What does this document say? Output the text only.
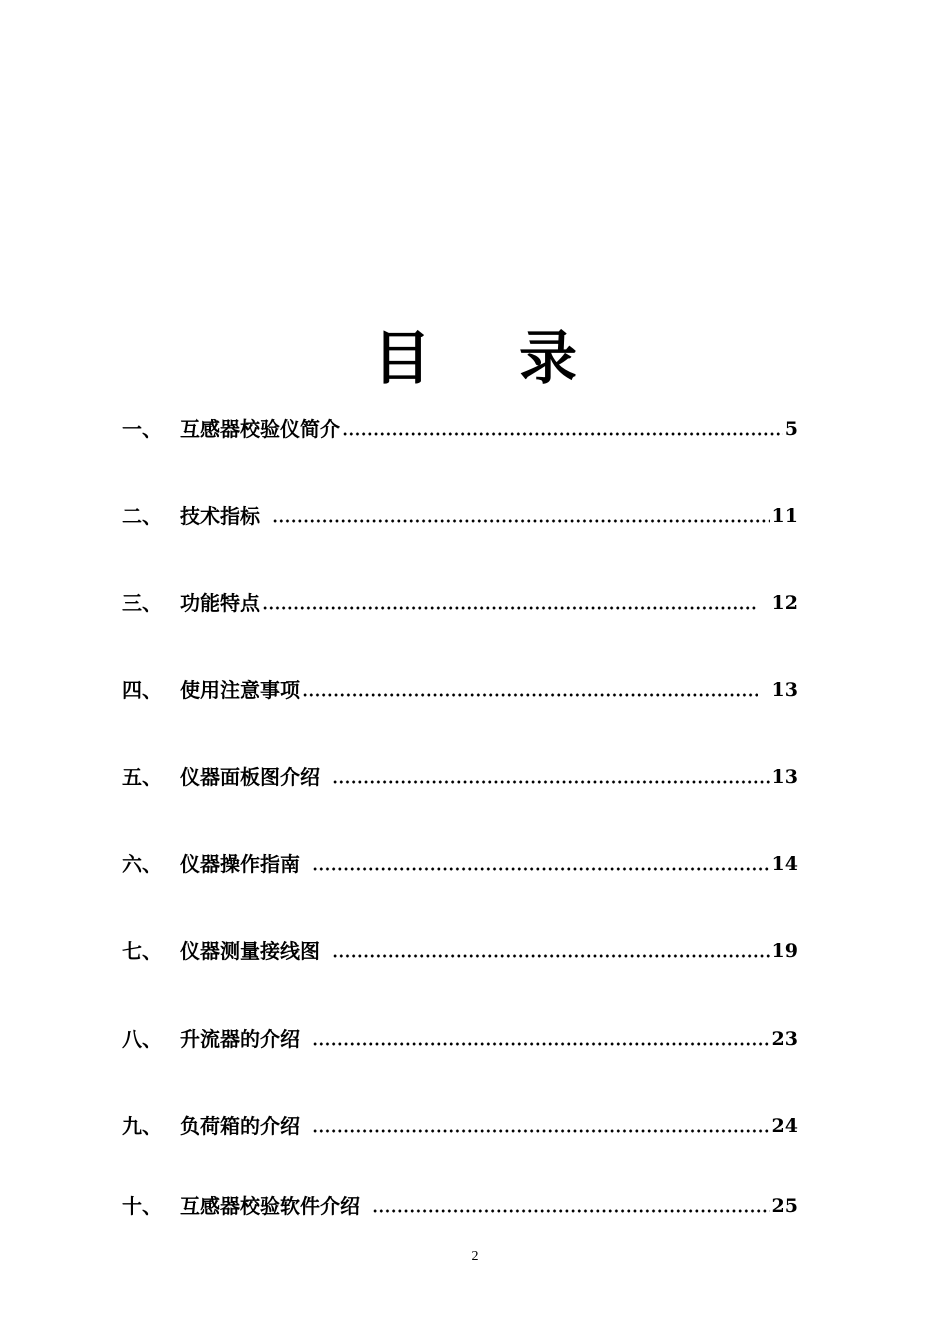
目 录
一、 互感器校验仪简介	5
二、 技术指标	11
三、 功能特点	12
四、 使用注意事项	13
五、 仪器面板图介绍	13
六、 仪器操作指南	14
七、 仪器测量接线图	19
八、 升流器的介绍	23
九、 负荷箱的介绍	24
十、 互感器校验软件介绍	25
2
